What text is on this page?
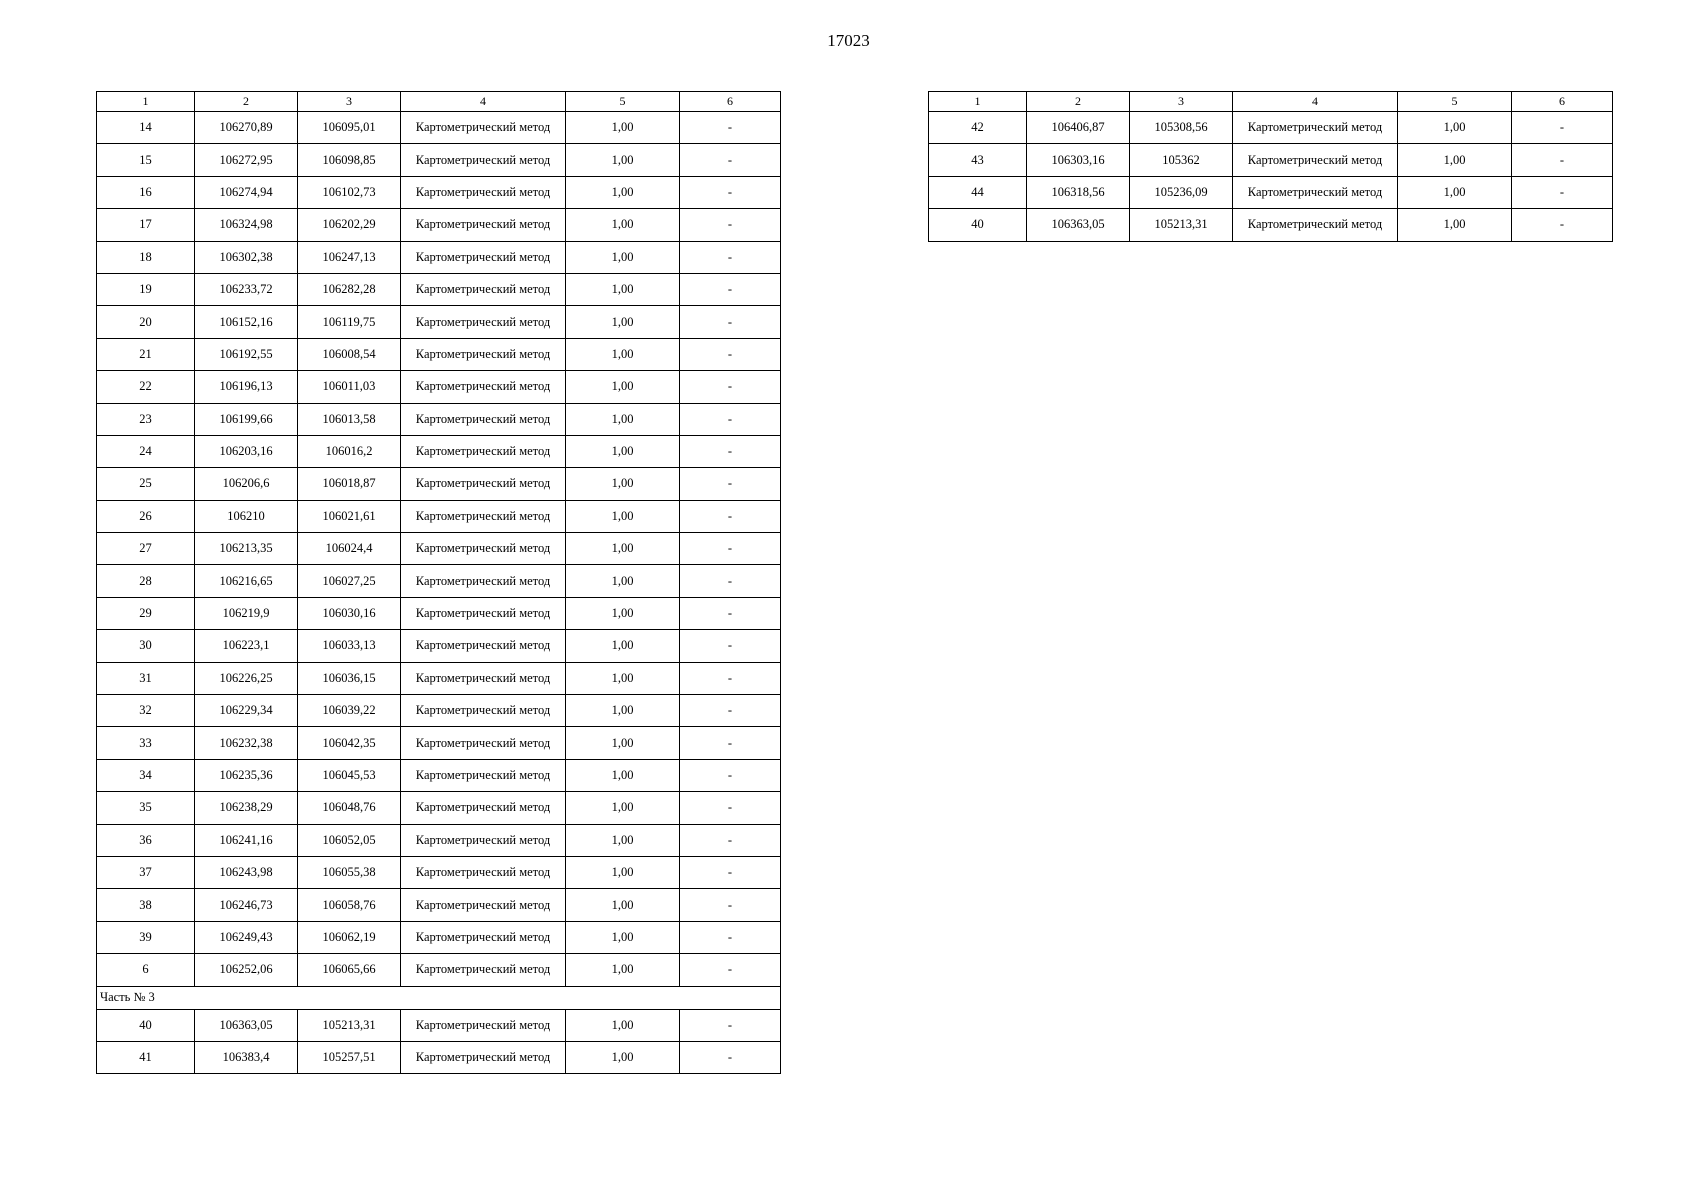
17023
1	2	3	4	5	6
14	106270,89	106095,01	Картометрический метод	1,00	-
15	106272,95	106098,85	Картометрический метод	1,00	-
16	106274,94	106102,73	Картометрический метод	1,00	-
17	106324,98	106202,29	Картометрический метод	1,00	-
18	106302,38	106247,13	Картометрический метод	1,00	-
19	106233,72	106282,28	Картометрический метод	1,00	-
20	106152,16	106119,75	Картометрический метод	1,00	-
21	106192,55	106008,54	Картометрический метод	1,00	-
22	106196,13	106011,03	Картометрический метод	1,00	-
23	106199,66	106013,58	Картометрический метод	1,00	-
24	106203,16	106016,2	Картометрический метод	1,00	-
25	106206,6	106018,87	Картометрический метод	1,00	-
26	106210	106021,61	Картометрический метод	1,00	-
27	106213,35	106024,4	Картометрический метод	1,00	-
28	106216,65	106027,25	Картометрический метод	1,00	-
29	106219,9	106030,16	Картометрический метод	1,00	-
30	106223,1	106033,13	Картометрический метод	1,00	-
31	106226,25	106036,15	Картометрический метод	1,00	-
32	106229,34	106039,22	Картометрический метод	1,00	-
33	106232,38	106042,35	Картометрический метод	1,00	-
34	106235,36	106045,53	Картометрический метод	1,00	-
35	106238,29	106048,76	Картометрический метод	1,00	-
36	106241,16	106052,05	Картометрический метод	1,00	-
37	106243,98	106055,38	Картометрический метод	1,00	-
38	106246,73	106058,76	Картометрический метод	1,00	-
39	106249,43	106062,19	Картометрический метод	1,00	-
6	106252,06	106065,66	Картометрический метод	1,00	-
Часть № 3					
40	106363,05	105213,31	Картометрический метод	1,00	-
41	106383,4	105257,51	Картометрический метод	1,00	-
1	2	3	4	5	6
42	106406,87	105308,56	Картометрический метод	1,00	-
43	106303,16	105362	Картометрический метод	1,00	-
44	106318,56	105236,09	Картометрический метод	1,00	-
40	106363,05	105213,31	Картометрический метод	1,00	-
